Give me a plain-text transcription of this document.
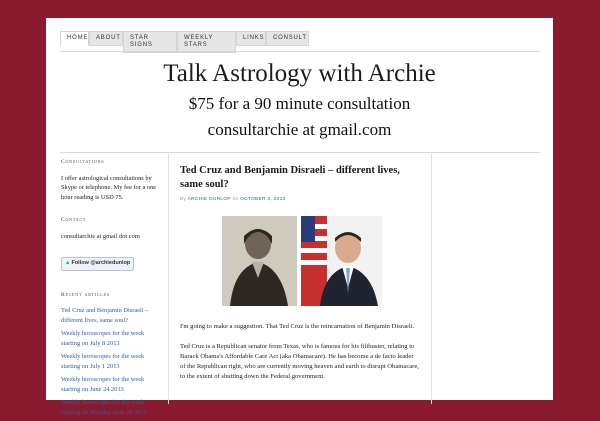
HOME	ABOUT	STAR SIGNS
WEEKLY STARS
LINKS	CONSULT
Talk Astrology with Archie
$75 for a 90 minute consultation
consultarchie at gmail.com
Consultations
I offer astrological consultations by Skype or telephone. My fee for a one hour reading is USD 75.
Contact
consultarchie at gmail dot com
▲Follow @archiedunlop
Recent articles
Ted Cruz and Benjamin Disraeli – different lives, same soul?
Weekly horoscopes for the week starting on July 8 2013
Weekly horoscopes for the week starting on July 1 2013
Weekly horoscopes for the week starting on June 24 2013
Weekly horoscopes for the week starting on Monday June 24 2013
Ted Cruz and Benjamin Disraeli – different lives, same soul?
By ARCHIE DUNLOP on OCTOBER 3, 2013

I'm going to make a suggestion. That Ted Cruz is the reincarnation of Benjamin Disraeli.

Ted Cruz is a Republican senator from Texas, who is famous for his filibuster, relating to Barack Obama's Affordable Care Act (aka Obamacare). He has become a de facto leader of the Republican right, who are currently moving heaven and earth to disrupt Obamacare, to the extent of shutting down the Federal government.
